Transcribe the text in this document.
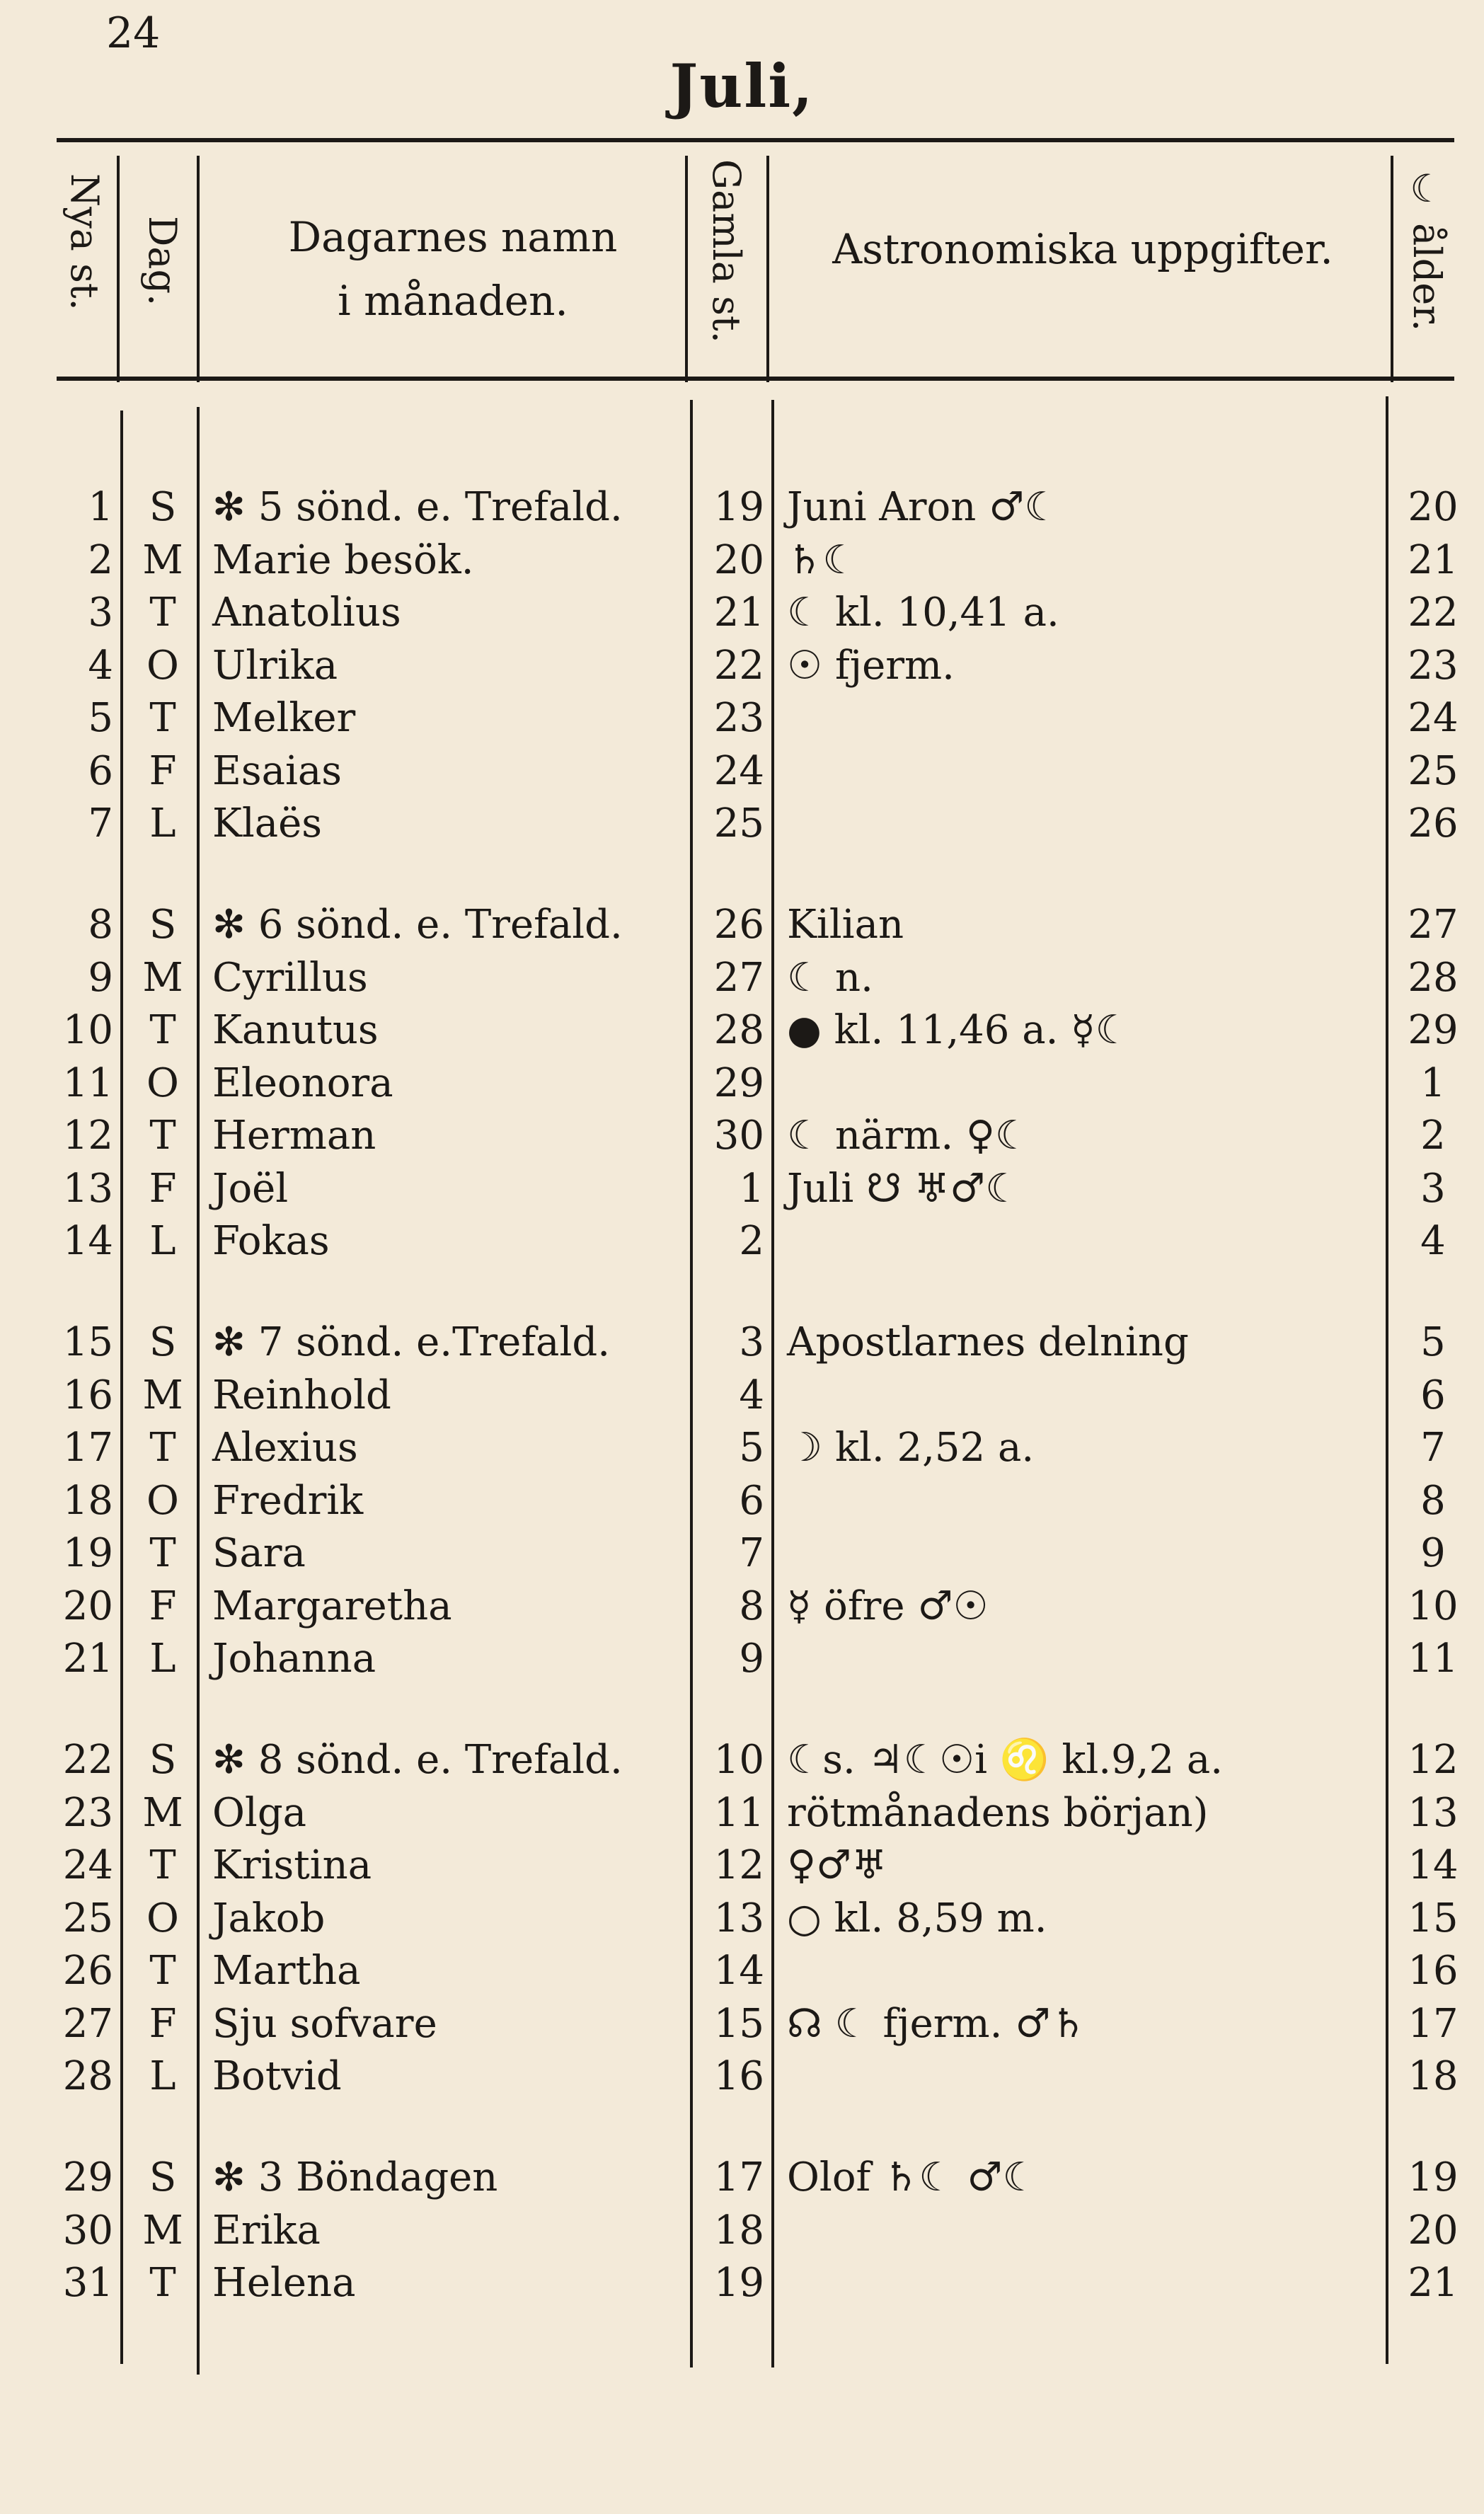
24
Juli,
Nya st. Dag.	Dagarnes namn
i månaden.	Gamla st.	Astronomiska uppgifter.	☾ ålder.
1 S ✻ 5 sönd. e. Trefald.	19 Juni Aron ♂☾	20
2 M Marie besök.	20 ♄☾	21
3 T Anatolius	21 ☾ kl. 10,41 a.	22
4 O Ulrika	22 ☉ fjerm.	23
5 T Melker	23	24
6 F Esaias	24	25
7 L Klaës	25	26
8 S ✻ 6 sönd. e. Trefald.	26 Kilian	27
9 M Cyrillus	27 ☾ n.	28
10 T Kanutus	28 ● kl. 11,46 a. ☿☾	29
11 O Eleonora	29	1
12 T Herman	30 ☾ närm. ♀☾	2
13 F Joël	1 Juli ☋ ♅♂☾	3
14 L Fokas	2	4
15 S ✻ 7 sönd. e.Trefald.	3 Apostlarnes delning	5
16 M Reinhold	4	6
17 T Alexius	5 ☽ kl. 2,52 a.	7
18 O Fredrik	6	8
19 T Sara	7	9
20 F Margaretha	8 ☿ öfre ♂☉	10
21 L Johanna	9	11
22 S ✻ 8 sönd. e. Trefald.	10 ☾s. ♃☾☉i ♌ kl.9,2 a.	12
23 M Olga	11 rötmånadens början)	13
24 T Kristina	12 ♀♂♅	14
25 O Jakob	13 ○ kl. 8,59 m.	15
26 T Martha	14	16
27 F Sju sofvare	15 ☊ ☾ fjerm. ♂♄	17
28 L Botvid	16	18
29 S ✻ 3 Böndagen	17 Olof ♄☾ ♂☾	19
30 M Erika	18	20
31 T Helena	19	21
